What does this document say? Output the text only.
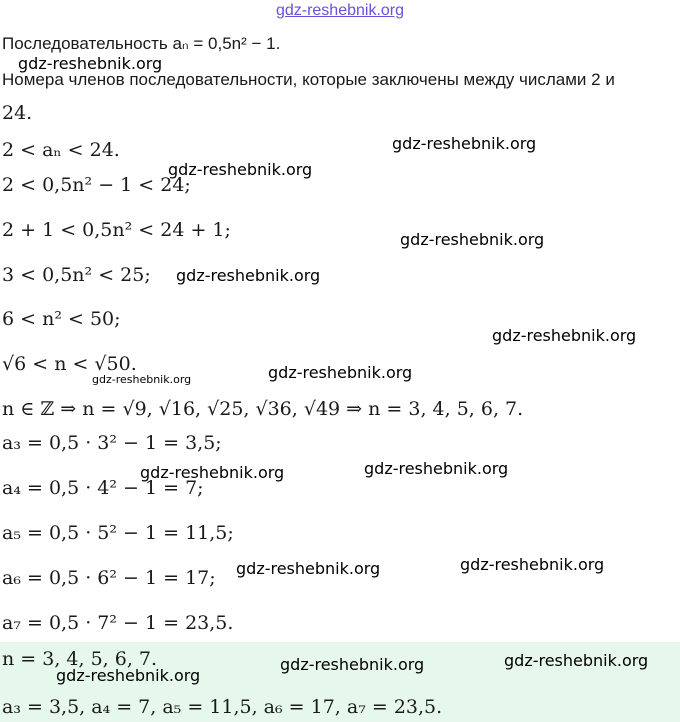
gdz-reshebnik.org
Последовательность aₙ = 0,5n² − 1.
Номера членов последовательности, которые заключены между числами 2 и
24.
2 < aₙ < 24.
2 < 0,5n² − 1 < 24;
2 + 1 < 0,5n² < 24 + 1;
3 < 0,5n² < 25;
6 < n² < 50;
√6 < n < √50.
n ∈ ℤ ⇒ n = √9, √16, √25, √36, √49 ⇒ n = 3, 4, 5, 6, 7.
a₃ = 0,5 · 3² − 1 = 3,5;
a₄ = 0,5 · 4² − 1 = 7;
a₅ = 0,5 · 5² − 1 = 11,5;
a₆ = 0,5 · 6² − 1 = 17;
a₇ = 0,5 · 7² − 1 = 23,5.
n = 3, 4, 5, 6, 7.
a₃ = 3,5, a₄ = 7, a₅ = 11,5, a₆ = 17, a₇ = 23,5.
gdz-reshebnik.org
gdz-reshebnik.org
gdz-reshebnik.org
gdz-reshebnik.org
gdz-reshebnik.org
gdz-reshebnik.org
gdz-reshebnik.org
gdz-reshebnik.org
gdz-reshebnik.org
gdz-reshebnik.org
gdz-reshebnik.org	gdz-reshebnik.org
gdz-reshebnik.org
gdz-reshebnik.org
gdz-reshebnik.org
